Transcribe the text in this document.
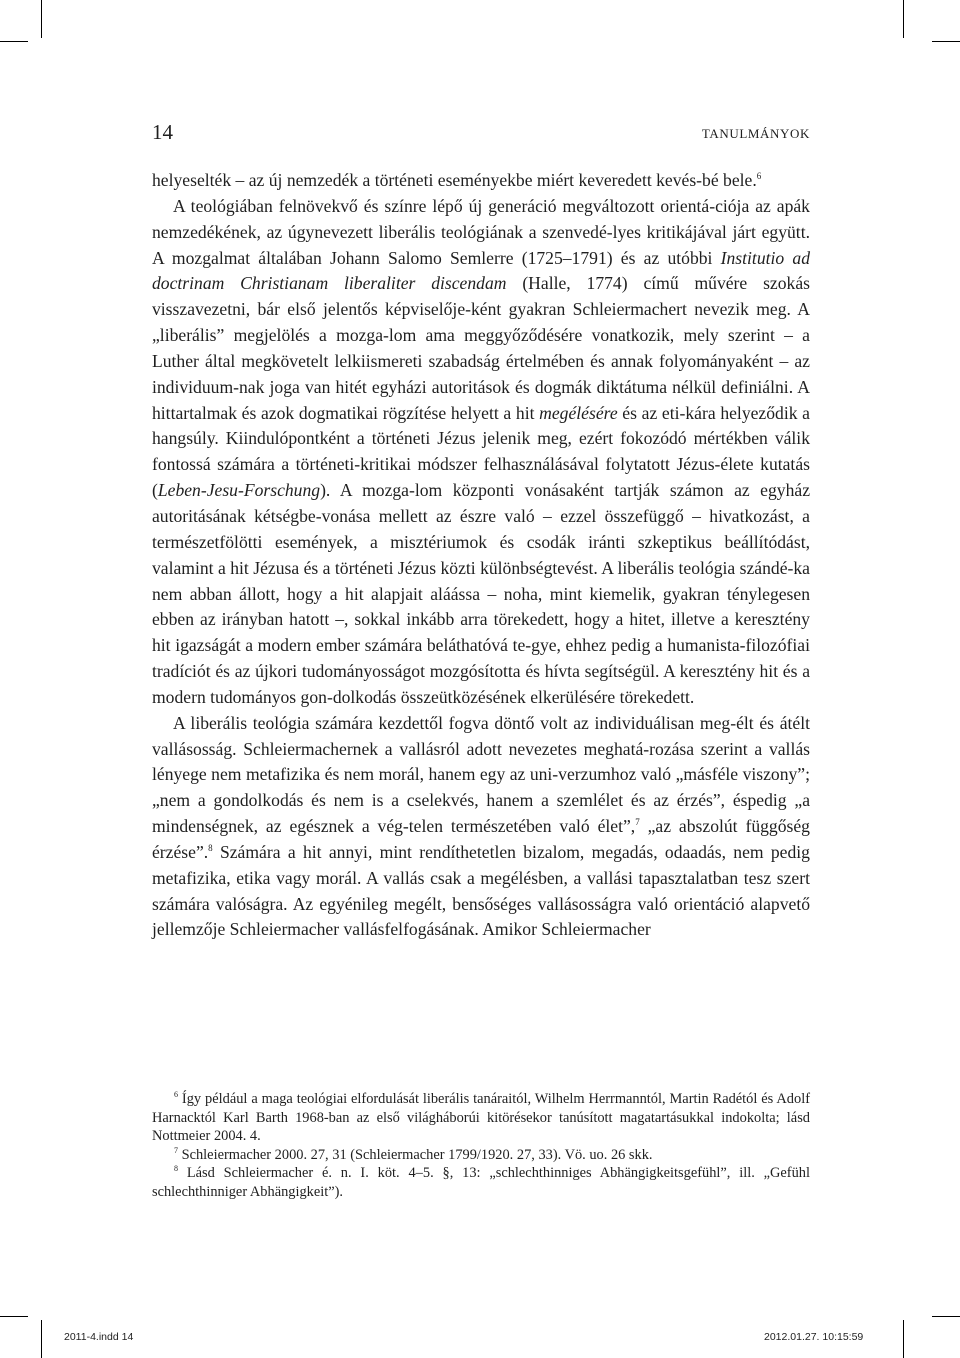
14	TANULMÁNYOK

helyeselték – az új nemzedék a történeti eseményekbe miért keveredett kevés-bé bele.$^6$

A teológiában felnövekvő és színre lépő új generáció megváltozott orientá-ciója az apák nemzedékének, az úgynevezett liberális teológiának a szenvedé-lyes kritikájával járt együtt. A mozgalmat általában Johann Salomo Semlerre (1725–1791) és az utóbbi Institutio ad doctrinam Christianam liberaliter discendam (Halle, 1774) című művére szokás visszavezetni, bár első jelentős képviselője-ként gyakran Schleiermachert nevezik meg. A „liberális” megjelölés a mozga-lom ama meggyőződésére vonatkozik, mely szerint – a Luther által megkövetelt lelkiismereti szabadság értelmében és annak folyományaként – az individuum-nak joga van hitét egyházi autoritások és dogmák diktátuma nélkül definiálni. A hittartalmak és azok dogmatikai rögzítése helyett a hit megélésére és az eti-kára helyeződik a hangsúly. Kiindulópontként a történeti Jézus jelenik meg, ezért fokozódó mértékben válik fontossá számára a történeti-kritikai módszer felhasználásával folytatott Jézus-élete kutatás (Leben-Jesu-Forschung). A mozga-lom központi vonásaként tartják számon az egyház autoritásának kétségbe-vonása mellett az észre való – ezzel összefüggő – hivatkozást, a természetfölötti események, a misztériumok és csodák iránti szkeptikus beállítódást, valamint a hit Jézusa és a történeti Jézus közti különbségtevést. A liberális teológia szándé-ka nem abban állott, hogy a hit alapjait aláássa – noha, mint kiemelik, gyakran ténylegesen ebben az irányban hatott –, sokkal inkább arra törekedett, hogy a hitet, illetve a keresztény hit igazságát a modern ember számára beláthatóvá te-gye, ehhez pedig a humanista-filozófiai tradíciót és az újkori tudományosságot mozgósította és hívta segítségül. A keresztény hit és a modern tudományos gon-dolkodás összeütközésének elkerülésére törekedett.

A liberális teológia számára kezdettől fogva döntő volt az individuálisan meg-élt és átélt vallásosság. Schleiermachernek a vallásról adott nevezetes meghatá-rozása szerint a vallás lényege nem metafizika és nem morál, hanem egy az uni-verzumhoz való „másféle viszony”; „nem a gondolkodás és nem is a cselekvés, hanem a szemlélet és az érzés”, éspedig „a mindenségnek, az egésznek a vég-telen természetében való élet”,$^7$ „az abszolút függőség érzése”.$^8$ Számára a hit annyi, mint rendíthetetlen bizalom, megadás, odaadás, nem pedig metafizika, etika vagy morál. A vallás csak a megélésben, a vallási tapasztalatban tesz szert számára valóságra. Az egyénileg megélt, bensőséges vallásosságra való orientáció alapvető jellemzője Schleiermacher vallásfelfogásának. Amikor Schleiermacher

$^6$ Így például a maga teológiai elfordulását liberális tanáraitól, Wilhelm Herrmanntól, Martin Radétól és Adolf Harnacktól Karl Barth 1968-ban az első világháborúi kitörésekor tanúsított magatartásukkal indokolta; lásd Nottmeier 2004. 4.

$^7$ Schleiermacher 2000. 27, 31 (Schleiermacher 1799/1920. 27, 33). Vö. uo. 26 skk.

$^8$ Lásd Schleiermacher é. n. I. köt. 4–5. §, 13: „schlechthinniges Abhängigkeitsgefühl”, ill. „Gefühl schlechthinniger Abhängigkeit”).

2011-4.indd 14	2012.01.27. 10:15:59
